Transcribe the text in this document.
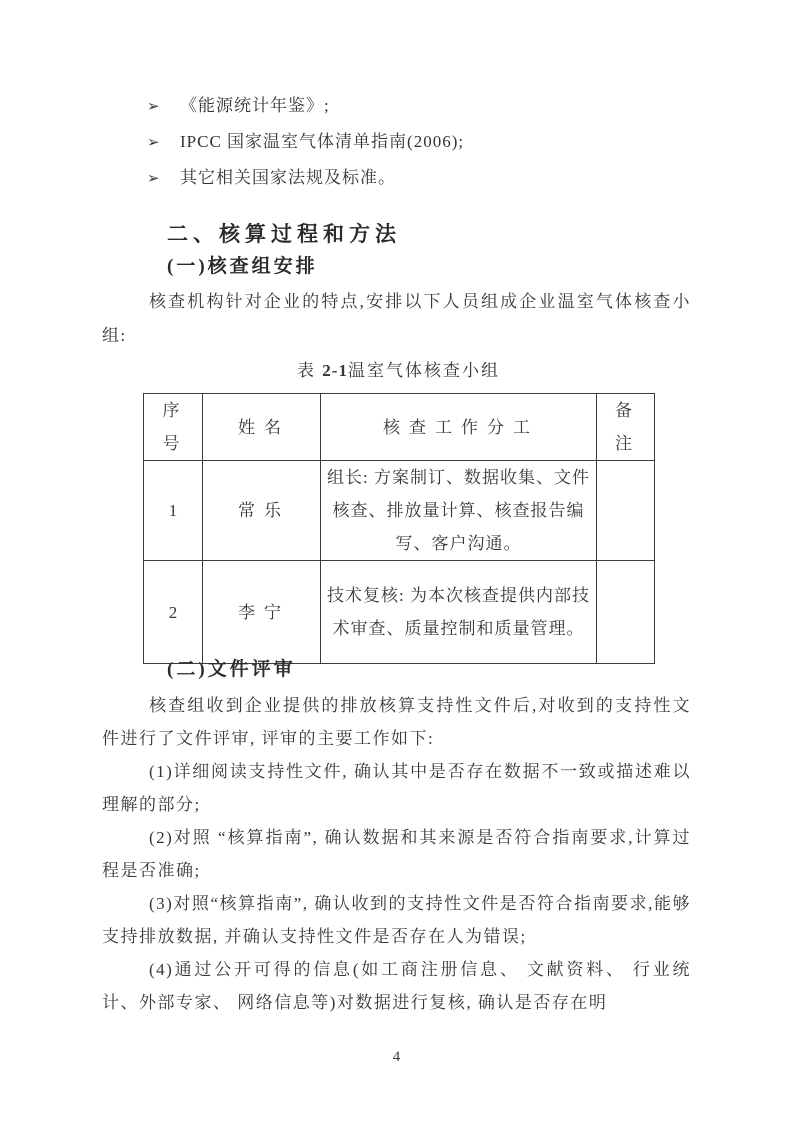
➢	《能源统计年鉴》;
➢	IPCC 国家温室气体清单指南(2006);
➢	其它相关国家法规及标准。
二、核算过程和方法
(一)核查组安排
核查机构针对企业的特点,安排以下人员组成企业温室气体核查小组:
表 2-1温室气体核查小组
序号	姓名	核查工作分工	备注
1	常乐	组长: 方案制订、数据收集、文件核查、排放量计算、核查报告编写、客户沟通。	
2	李宁	技术复核: 为本次核查提供内部技术审查、质量控制和质量管理。	
(二)文件评审

核查组收到企业提供的排放核算支持性文件后,对收到的支持性文件进行了文件评审, 评审的主要工作如下:

(1)详细阅读支持性文件, 确认其中是否存在数据不一致或描述难以理解的部分;

(2)对照 “核算指南”, 确认数据和其来源是否符合指南要求,计算过程是否准确;

(3)对照“核算指南”, 确认收到的支持性文件是否符合指南要求,能够支持排放数据, 并确认支持性文件是否存在人为错误;

(4)通过公开可得的信息(如工商注册信息、 文献资料、 行业统计、外部专家、 网络信息等)对数据进行复核, 确认是否存在明

4
